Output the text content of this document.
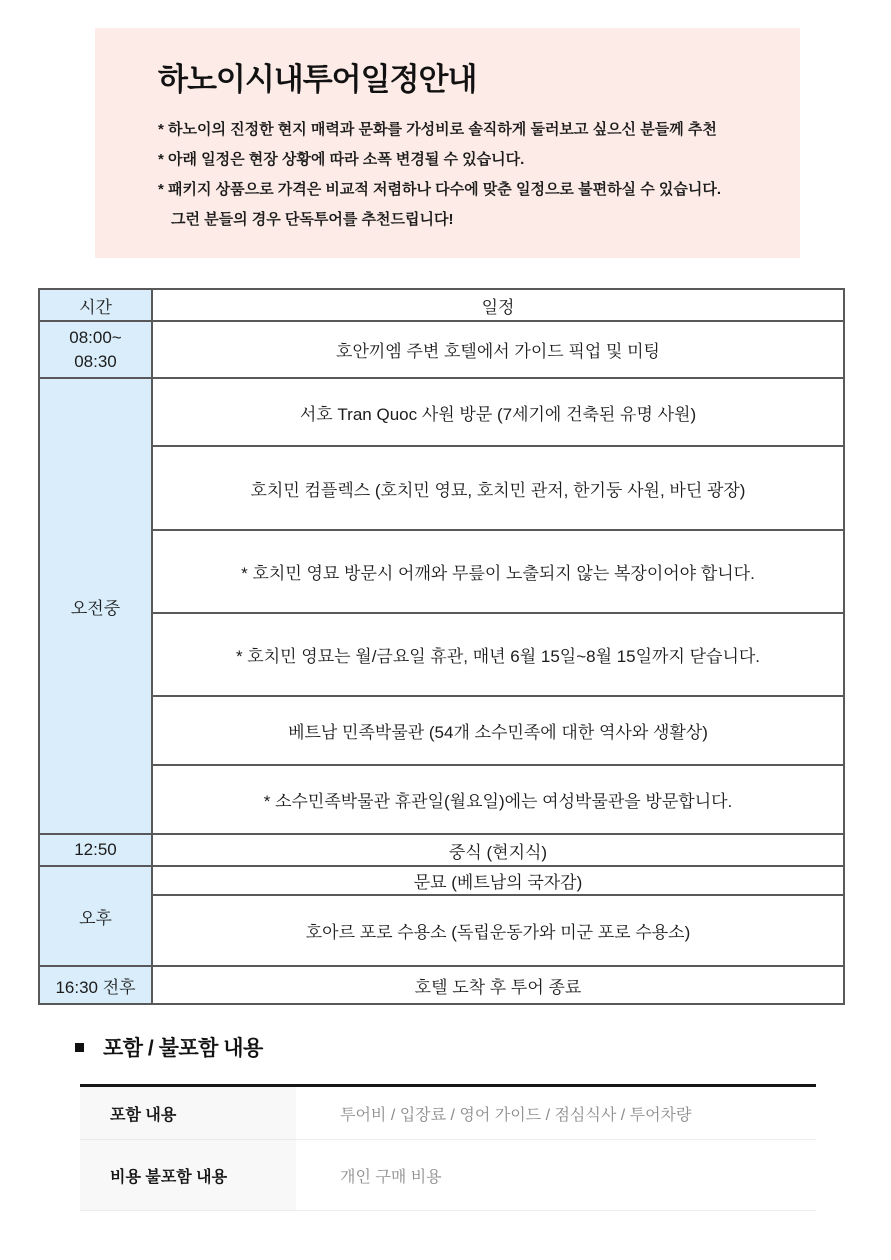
하노이시내투어일정안내

* 하노이의 진정한 현지 매력과 문화를 가성비로 솔직하게 둘러보고 싶으신 분들께 추천

* 아래 일정은 현장 상황에 따라 소폭 변경될 수 있습니다.

* 패키지 상품으로 가격은 비교적 저렴하나 다수에 맞춘 일정으로 불편하실 수 있습니다.

그런 분들의 경우 단독투어를 추천드립니다!

시간	일정
08:00~
08:30	호안끼엠 주변 호텔에서 가이드 픽업 및 미팅
오전중	서호 Tran Quoc 사원 방문 (7세기에 건축된 유명 사원)
	호치민 컴플렉스 (호치민 영묘, 호치민 관저, 한기둥 사원, 바딘 광장)
	* 호치민 영묘 방문시 어깨와 무릎이 노출되지 않는 복장이어야 합니다.
	* 호치민 영묘는 월/금요일 휴관, 매년 6월 15일~8월 15일까지 닫습니다.
	베트남 민족박물관 (54개 소수민족에 대한 역사와 생활상)
	* 소수민족박물관 휴관일(월요일)에는 여성박물관을 방문합니다.
12:50	중식 (현지식)
오후	문묘 (베트남의 국자감)
	호아르 포로 수용소 (독립운동가와 미군 포로 수용소)
16:30 전후	호텔 도착 후 투어 종료
포함 / 불포함 내용
포함 내용	투어비 / 입장료 / 영어 가이드 / 점심식사 / 투어차량
비용 불포함 내용	개인 구매 비용
